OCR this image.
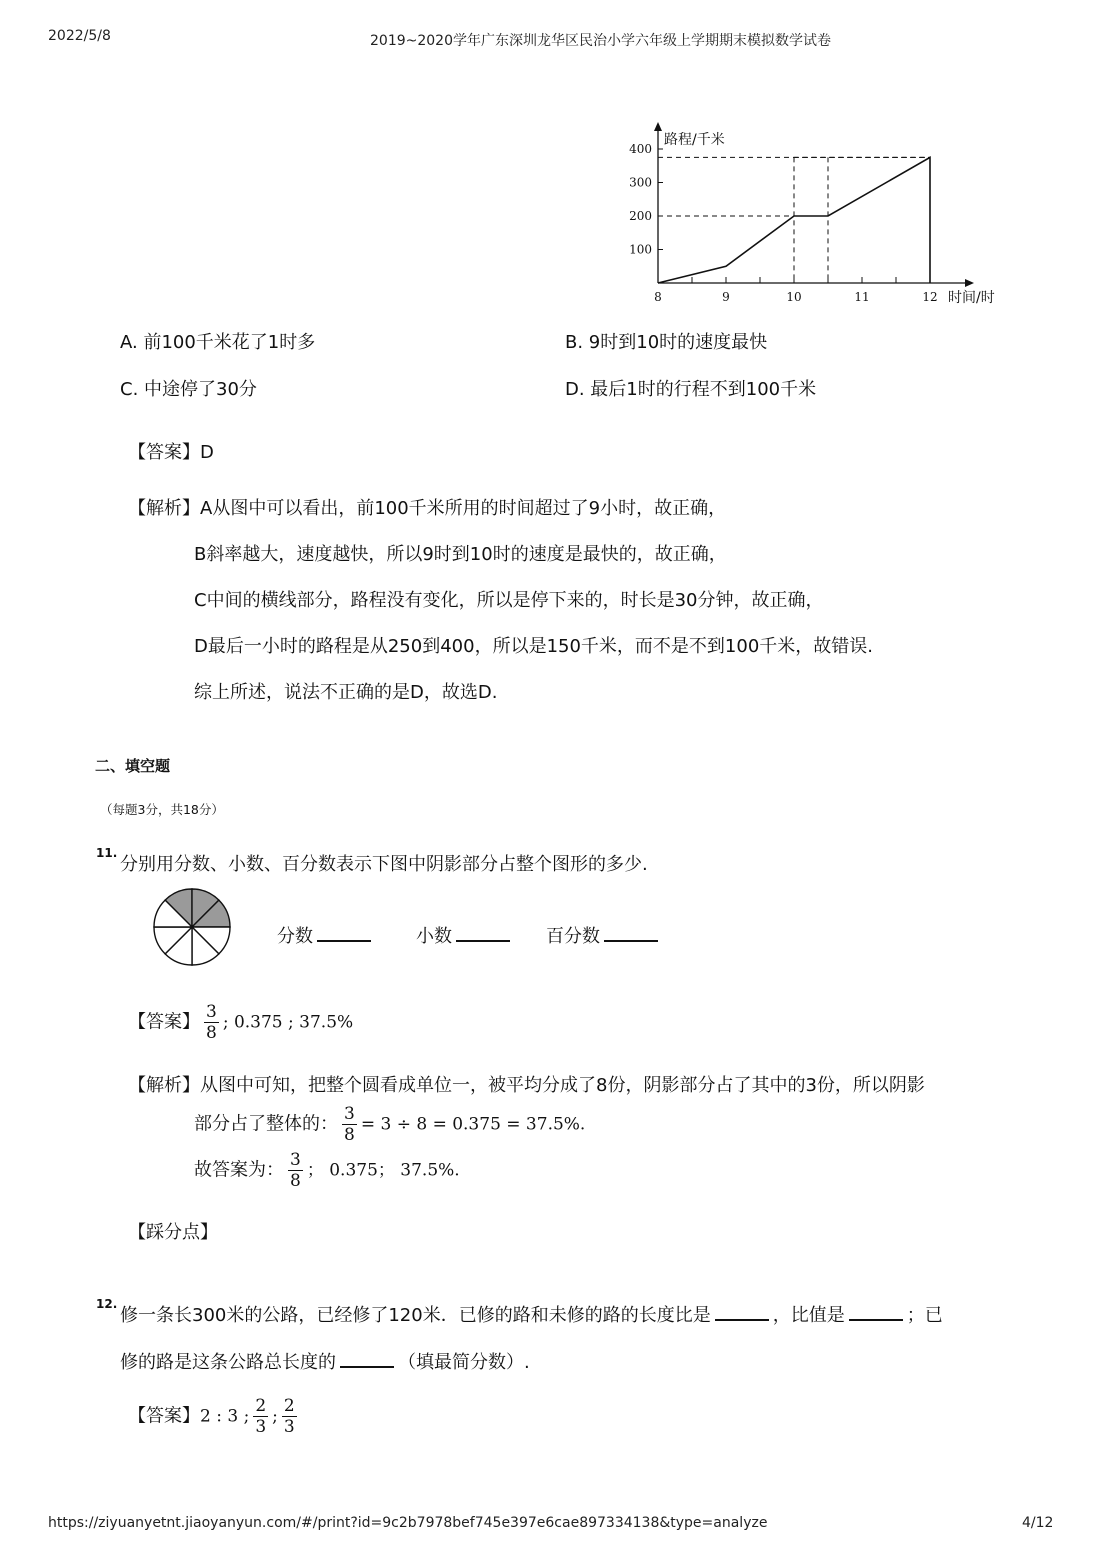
2022/5/8	2019~2020学年广东深圳龙华区民治小学六年级上学期期末模拟数学试卷
8	9	10	11	12
100
200
300
400
路程/千米
时间/时
A. 前100千米花了1时多	B. 9时到10时的速度最快
C. 中途停了30分	D. 最后1时的行程不到100千米
【答案】D
【解析】A从图中可以看出，前100千米所用的时间超过了9小时，故正确，
B斜率越大，速度越快，所以9时到10时的速度是最快的，故正确，
C中间的横线部分，路程没有变化，所以是停下来的，时长是30分钟，故正确，
D最后一小时的路程是从250到400，所以是150千米，而不是不到100千米，故错误.
综上所述，说法不正确的是D，故选D.
二、填空题
（每题3分，共18分）
11.
分别用分数、小数、百分数表示下图中阴影部分占整个图形的多少.
分数	小数	百分数
【答案】 $\frac{3}{8}$ ; 0.375 ; 37.5%
【解析】从图中可知，把整个圆看成单位一，被平均分成了8份，阴影部分占了其中的3份，所以阴影
部分占了整体的： $\frac{3}{8} = 3 \div 8 = 0.375 = 37.5\%$.
故答案为： $\frac{3}{8}$ ； 0.375； 37.5%.
【踩分点】
12.
修一条长300米的公路，已经修了120米．已修的路和未修的路的长度比是	，比值是	；已
修的路是这条公路总长度的	（填最简分数）.
【答案】2 : 3 ; $\frac{2}{3}$ ; $\frac{2}{3}$
https://ziyuanyetnt.jiaoyanyun.com/#/print?id=9c2b7978bef745e397e6cae897334138&type=analyze	4/12
